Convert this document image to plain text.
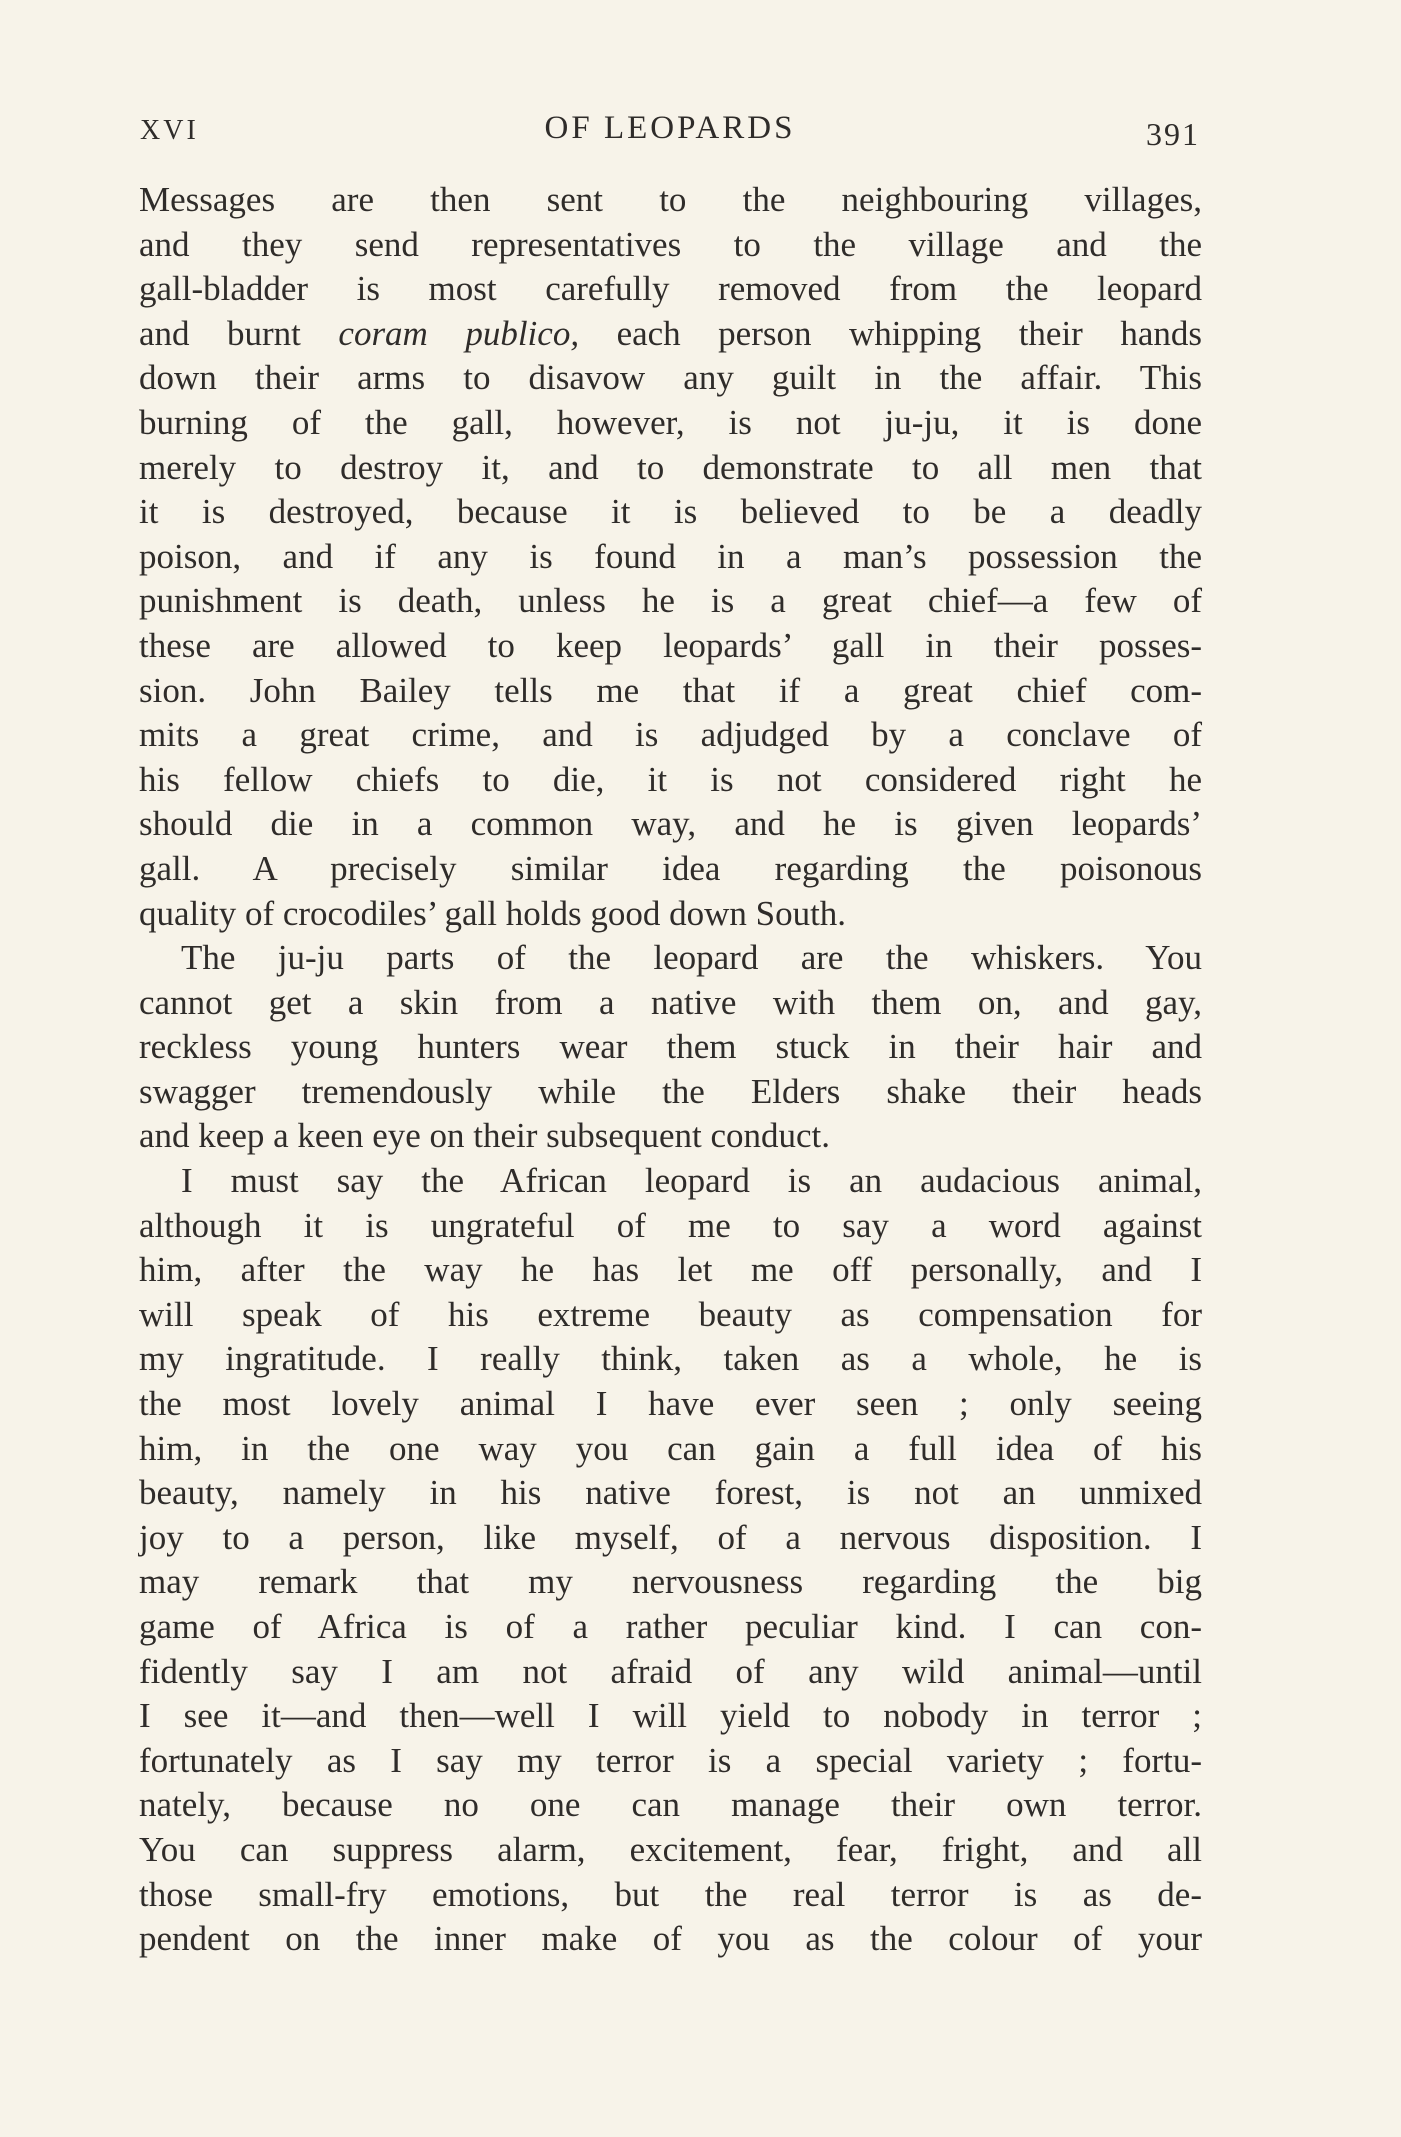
XVI	OF LEOPARDS	391
Messages are then sent to the neighbouring villages,
and they send representatives to the village and the
gall-bladder is most carefully removed from the leopard
and burnt coram publico, each person whipping their hands
down their arms to disavow any guilt in the affair. This
burning of the gall, however, is not ju-ju, it is done
merely to destroy it, and to demonstrate to all men that
it is destroyed, because it is believed to be a deadly
poison, and if any is found in a man’s possession the
punishment is death, unless he is a great chief—a few of
these are allowed to keep leopards’ gall in their posses-
sion. John Bailey tells me that if a great chief com-
mits a great crime, and is adjudged by a conclave of
his fellow chiefs to die, it is not considered right he
should die in a common way, and he is given leopards’
gall. A precisely similar idea regarding the poisonous
quality of crocodiles’ gall holds good down South.
The ju-ju parts of the leopard are the whiskers. You
cannot get a skin from a native with them on, and gay,
reckless young hunters wear them stuck in their hair and
swagger tremendously while the Elders shake their heads
and keep a keen eye on their subsequent conduct.
I must say the African leopard is an audacious animal,
although it is ungrateful of me to say a word against
him, after the way he has let me off personally, and I
will speak of his extreme beauty as compensation for
my ingratitude. I really think, taken as a whole, he is
the most lovely animal I have ever seen ; only seeing
him, in the one way you can gain a full idea of his
beauty, namely in his native forest, is not an unmixed
joy to a person, like myself, of a nervous disposition. I
may remark that my nervousness regarding the big
game of Africa is of a rather peculiar kind. I can con-
fidently say I am not afraid of any wild animal—until
I see it—and then—well I will yield to nobody in terror ;
fortunately as I say my terror is a special variety ; fortu-
nately, because no one can manage their own terror.
You can suppress alarm, excitement, fear, fright, and all
those small-fry emotions, but the real terror is as de-
pendent on the inner make of you as the colour of your
